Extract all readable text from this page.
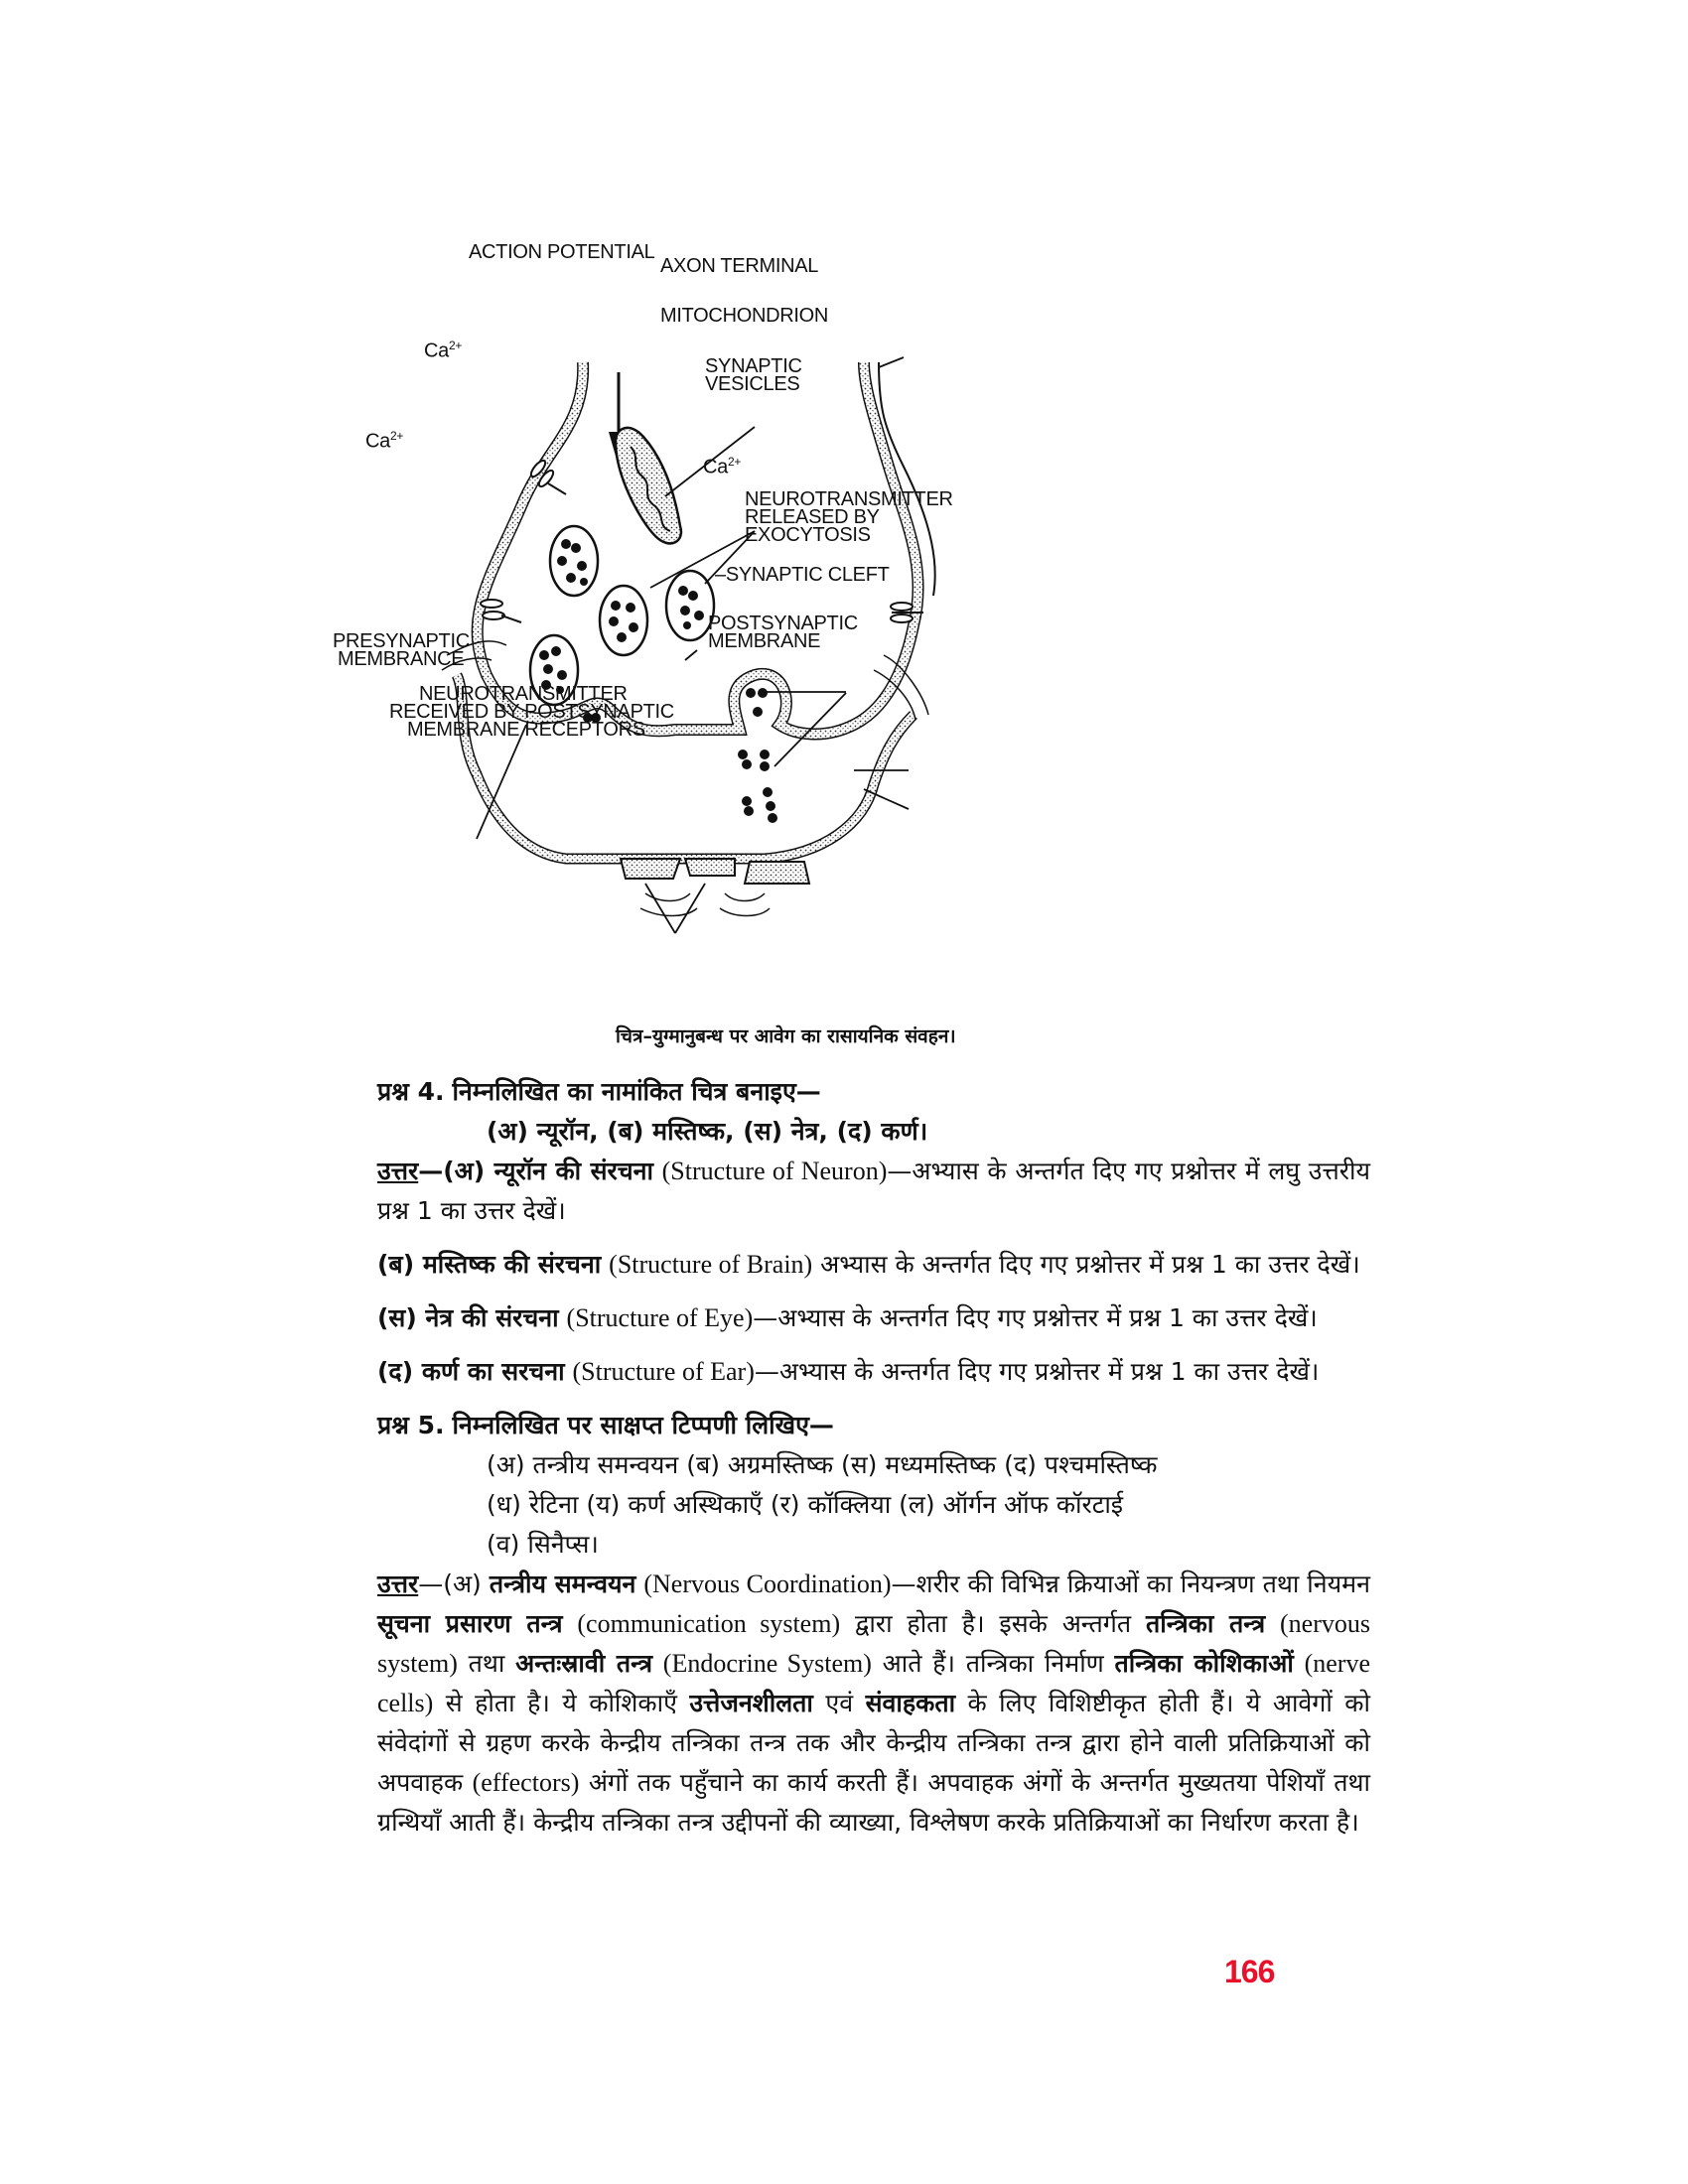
ACTION POTENTIAL
AXON TERMINAL
MITOCHONDRION
SYNAPTIC
VESICLES
$Ca^{2+}$
$Ca^{2+}$
$Ca^{2+}$
NEUROTRANSMITTER
RELEASED BY
EXOCYTOSIS
–SYNAPTIC CLEFT
POSTSYNAPTIC
MEMBRANE
PRESYNAPTIC
MEMBRANCE
NEUROTRANSMITTER
RECEIVED BY POSTSYNAPTIC
MEMBRANE RECEPTORS
चित्र–युग्मानुबन्ध पर आवेग का रासायनिक संवहन।

प्रश्न 4. निम्नलिखित का नामांकित चित्र बनाइए—

(अ) न्यूरॉन, (ब) मस्तिष्क, (स) नेत्र, (द) कर्ण।

उत्तर—(अ) न्यूरॉन की संरचना (Structure of Neuron)—अभ्यास के अन्तर्गत दिए गए प्रश्नोत्तर में लघु उत्तरीय प्रश्न 1 का उत्तर देखें।

(ब) मस्तिष्क की संरचना (Structure of Brain) अभ्यास के अन्तर्गत दिए गए प्रश्नोत्तर में प्रश्न 1 का उत्तर देखें।

(स) नेत्र की संरचना (Structure of Eye)—अभ्यास के अन्तर्गत दिए गए प्रश्नोत्तर में प्रश्न 1 का उत्तर देखें।

(द) कर्ण का सरचना (Structure of Ear)—अभ्यास के अन्तर्गत दिए गए प्रश्नोत्तर में प्रश्न 1 का उत्तर देखें।

प्रश्न 5. निम्नलिखित पर साक्षप्त टिप्पणी लिखिए—

(अ) तन्त्रीय समन्वयन (ब) अग्रमस्तिष्क (स) मध्यमस्तिष्क (द) पश्चमस्तिष्क

(ध) रेटिना (य) कर्ण अस्थिकाएँ (र) कॉक्लिया (ल) ऑर्गन ऑफ कॉरटाई

(व) सिनैप्स।

उत्तर—(अ) तन्त्रीय समन्वयन (Nervous Coordination)—शरीर की विभिन्न क्रियाओं का नियन्त्रण तथा नियमन सूचना प्रसारण तन्त्र (communication system) द्वारा होता है। इसके अन्तर्गत तन्त्रिका तन्त्र (nervous system) तथा अन्तःस्रावी तन्त्र (Endocrine System) आते हैं। तन्त्रिका निर्माण तन्त्रिका कोशिकाओं (nerve cells) से होता है। ये कोशिकाएँ उत्तेजनशीलता एवं संवाहकता के लिए विशिष्टीकृत होती हैं। ये आवेगों को संवेदांगों से ग्रहण करके केन्द्रीय तन्त्रिका तन्त्र तक और केन्द्रीय तन्त्रिका तन्त्र द्वारा होने वाली प्रतिक्रियाओं को अपवाहक (effectors) अंगों तक पहुँचाने का कार्य करती हैं। अपवाहक अंगों के अन्तर्गत मुख्यतया पेशियाँ तथा ग्रन्थियाँ आती हैं। केन्द्रीय तन्त्रिका तन्त्र उद्दीपनों की व्याख्या, विश्लेषण करके प्रतिक्रियाओं का निर्धारण करता है।

166
